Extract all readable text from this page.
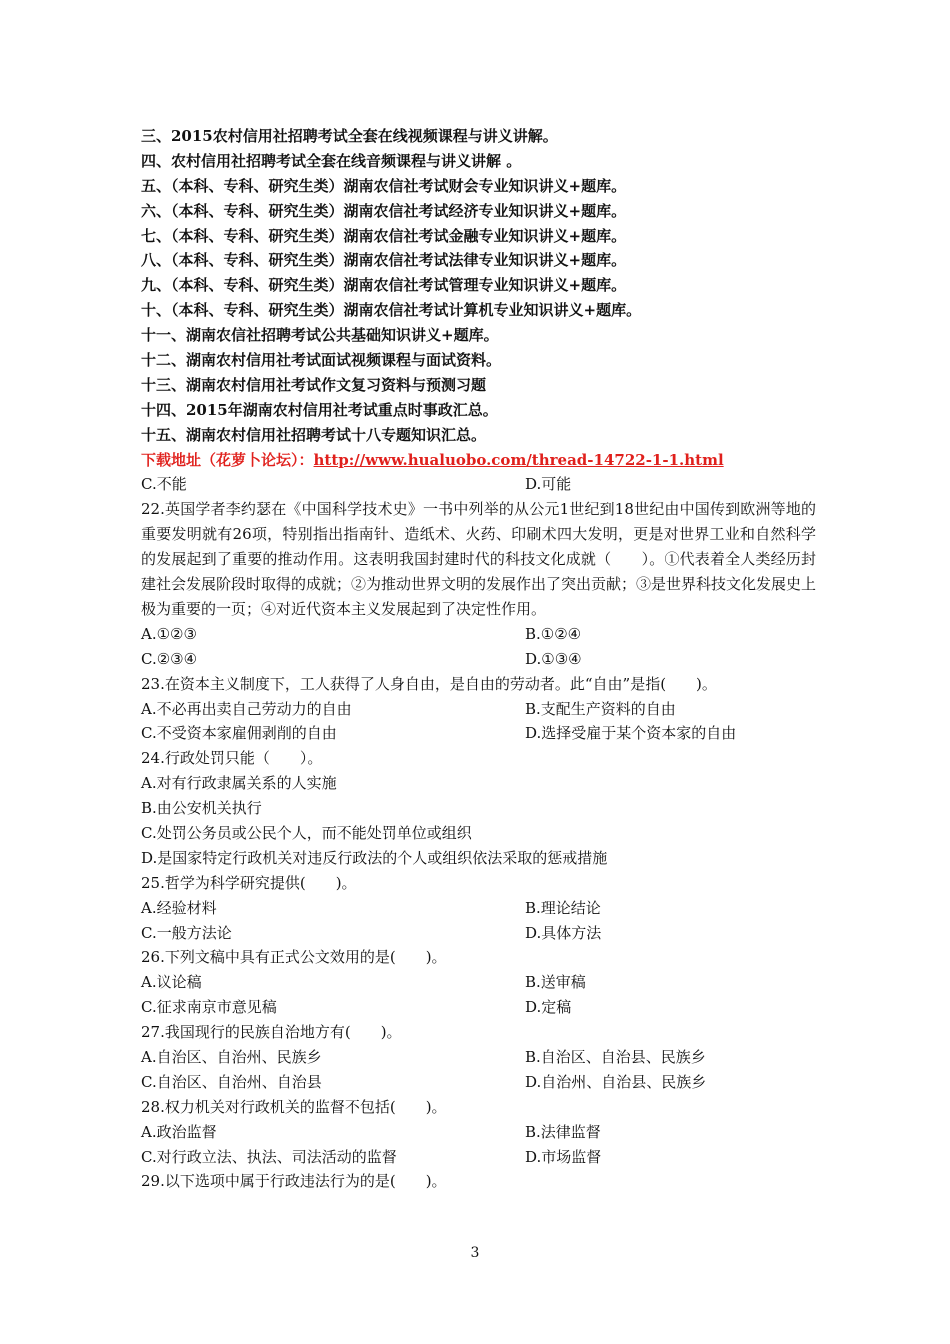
三、2015农村信用社招聘考试全套在线视频课程与讲义讲解。
四、农村信用社招聘考试全套在线音频课程与讲义讲解 。
五、（本科、专科、研究生类）湖南农信社考试财会专业知识讲义+题库。
六、（本科、专科、研究生类）湖南农信社考试经济专业知识讲义+题库。
七、（本科、专科、研究生类）湖南农信社考试金融专业知识讲义+题库。
八、（本科、专科、研究生类）湖南农信社考试法律专业知识讲义+题库。
九、（本科、专科、研究生类）湖南农信社考试管理专业知识讲义+题库。
十、（本科、专科、研究生类）湖南农信社考试计算机专业知识讲义+题库。
十一、湖南农信社招聘考试公共基础知识讲义+题库。
十二、湖南农村信用社考试面试视频课程与面试资料。
十三、湖南农村信用社考试作文复习资料与预测习题
十四、2015年湖南农村信用社考试重点时事政汇总。
十五、湖南农村信用社招聘考试十八专题知识汇总。
下载地址（花萝卜论坛）：http://www.hualuobo.com/thread-14722-1-1.html
C.不能	D.可能
22.英国学者李约瑟在《中国科学技术史》一书中列举的从公元1世纪到18世纪由中国传到欧洲等地的重要发明就有26项，特别指出指南针、造纸术、火药、印刷术四大发明，更是对世界工业和自然科学的发展起到了重要的推动作用。这表明我国封建时代的科技文化成就（　　）。①代表着全人类经历封建社会发展阶段时取得的成就；②为推动世界文明的发展作出了突出贡献；③是世界科技文化发展史上极为重要的一页；④对近代资本主义发展起到了决定性作用。
A.①②③	B.①②④
C.②③④	D.①③④
23.在资本主义制度下，工人获得了人身自由，是自由的劳动者。此“自由”是指(　　)。
A.不必再出卖自己劳动力的自由	B.支配生产资料的自由
C.不受资本家雇佣剥削的自由	D.选择受雇于某个资本家的自由
24.行政处罚只能（　　）。
A.对有行政隶属关系的人实施
B.由公安机关执行
C.处罚公务员或公民个人，而不能处罚单位或组织
D.是国家特定行政机关对违反行政法的个人或组织依法采取的惩戒措施
25.哲学为科学研究提供(　　)。
A.经验材料	B.理论结论
C.一般方法论	D.具体方法
26.下列文稿中具有正式公文效用的是(　　)。
A.议论稿	B.送审稿
C.征求南京市意见稿	D.定稿
27.我国现行的民族自治地方有(　　)。
A.自治区、自治州、民族乡	B.自治区、自治县、民族乡
C.自治区、自治州、自治县	D.自治州、自治县、民族乡
28.权力机关对行政机关的监督不包括(　　)。
A.政治监督	B.法律监督
C.对行政立法、执法、司法活动的监督	D.市场监督
29.以下选项中属于行政违法行为的是(　　)。
3
